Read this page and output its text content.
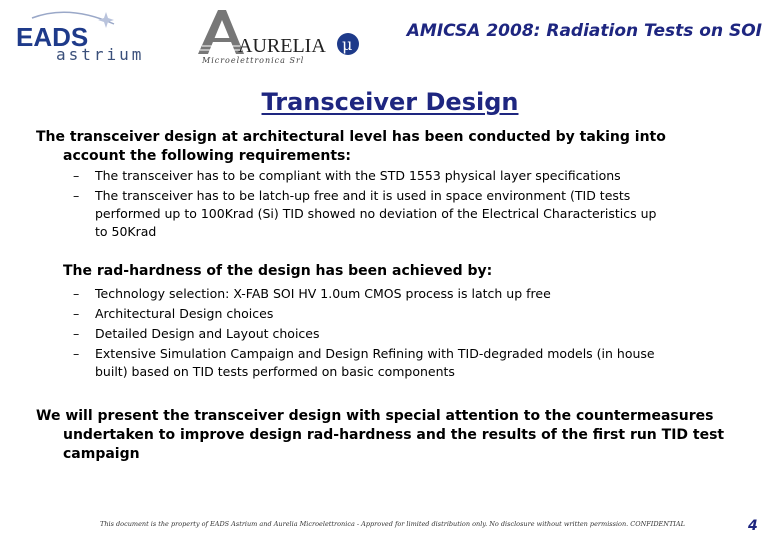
EADS
astrium	AURELIA μ
Microelettronica Srl
AMICSA 2008: Radiation Tests on SOI
Transceiver Design
The transceiver design at architectural level has been conducted by taking into
account the following requirements:
– The transceiver has to be compliant with the STD 1553 physical layer specifications
– The transceiver has to be latch-up free and it is used in space environment (TID tests
performed up to 100Krad (Si) TID showed no deviation of the Electrical Characteristics up
to 50Krad
The rad-hardness of the design has been achieved by:
– Technology selection: X-FAB SOI HV 1.0um CMOS process is latch up free
– Architectural Design choices
– Detailed Design and Layout choices
– Extensive Simulation Campaign and Design Refining with TID-degraded models (in house
built) based on TID tests performed on basic components
We will present the transceiver design with special attention to the countermeasures
undertaken to improve design rad-hardness and the results of the first run TID test
campaign
This document is the property of EADS Astrium and Aurelia Microelettronica - Approved for limited distribution only. No disclosure without written permission. CONFIDENTIAL	4
